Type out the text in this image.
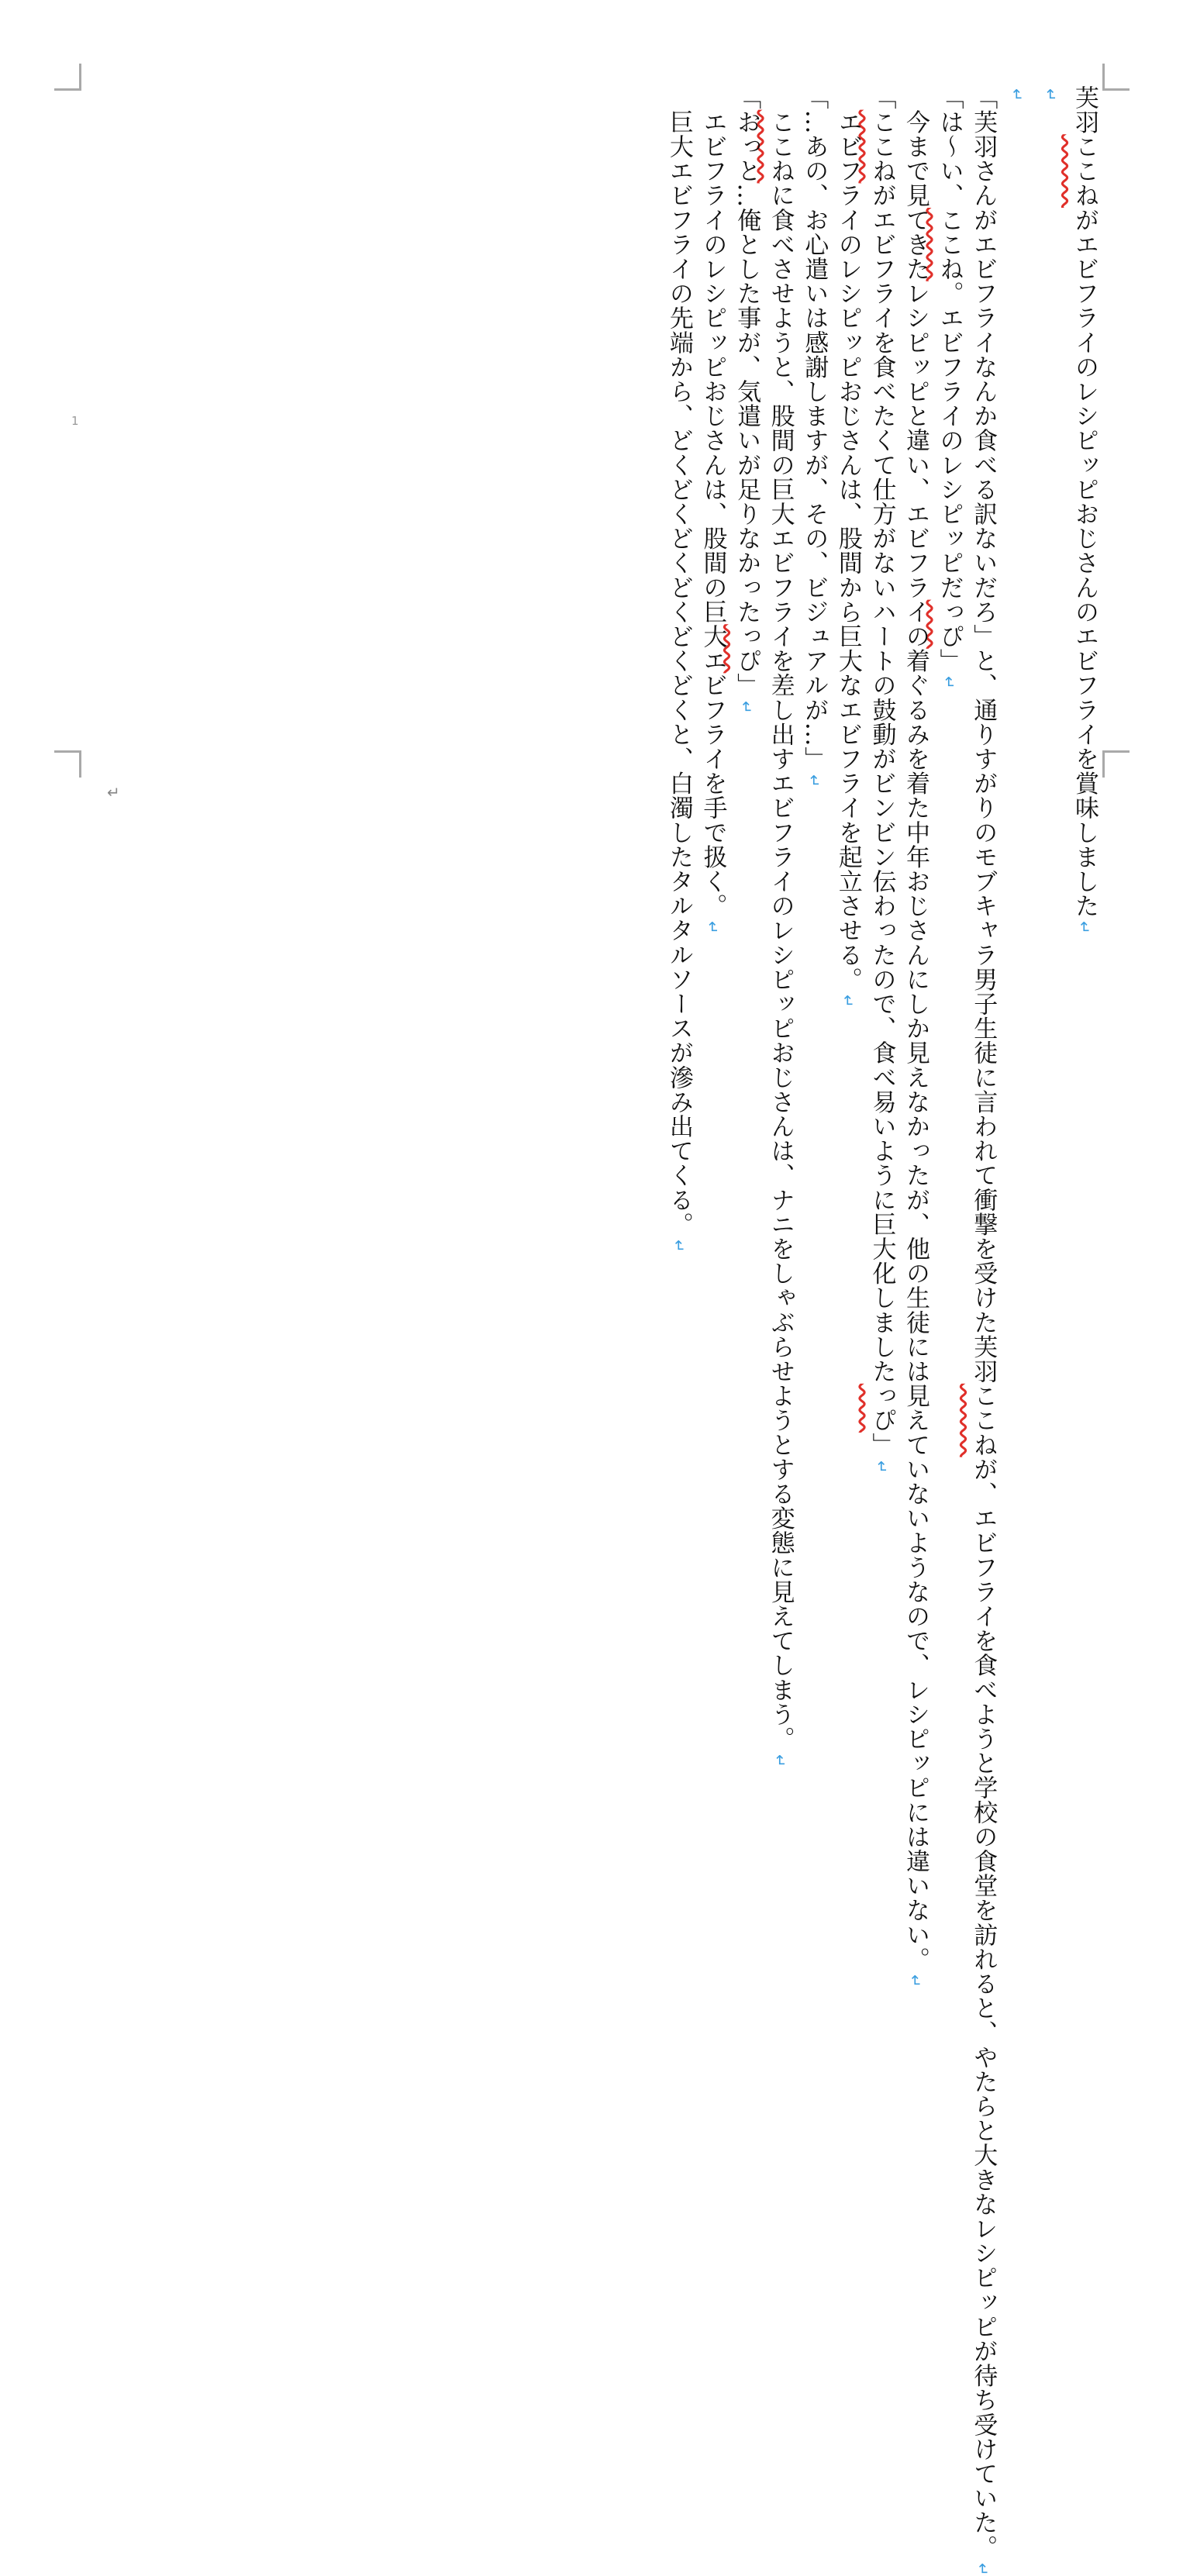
1
芙羽ここねがエビフライのレシピッピおじさんのエビフライを賞味しました↵
↵
↵
「芙羽さんがエビフライなんか食べる訳ないだろ」と、通りすがりのモブキャラ男子生徒に言われて衝撃を受けた芙羽ここねが、エビフライを食べようと学校の食堂を訪れると、やたらと大きなレシピッピが待ち受けていた。↵
「は〜い、ここね。エビフライのレシピッピだっぴ」↵
　今まで見てきたレシピッピと違い、エビフライの着ぐるみを着た中年おじさんにしか見えなかったが、他の生徒には見えていないようなので、レシピッピには違いない。↵
「ここねがエビフライを食べたくて仕方がないハートの鼓動がビンビン伝わったので、食べ易いように巨大化しましたっぴ」↵
　エビフライのレシピッピおじさんは、股間から巨大なエビフライを起立させる。↵
「…あの、お心遣いは感謝しますが、その、ビジュアルが…」↵
　ここねに食べさせようと、股間の巨大エビフライを差し出すエビフライのレシピッピおじさんは、ナニをしゃぶらせようとする変態に見えてしまう。↵
「おっと…俺とした事が、気遣いが足りなかったっぴ」↵
　エビフライのレシピッピおじさんは、股間の巨大エビフライを手で扱く。↵
　巨大エビフライの先端から、どくどくどくどくどくどくと、白濁したタルタルソースが滲み出てくる。↵
↵
